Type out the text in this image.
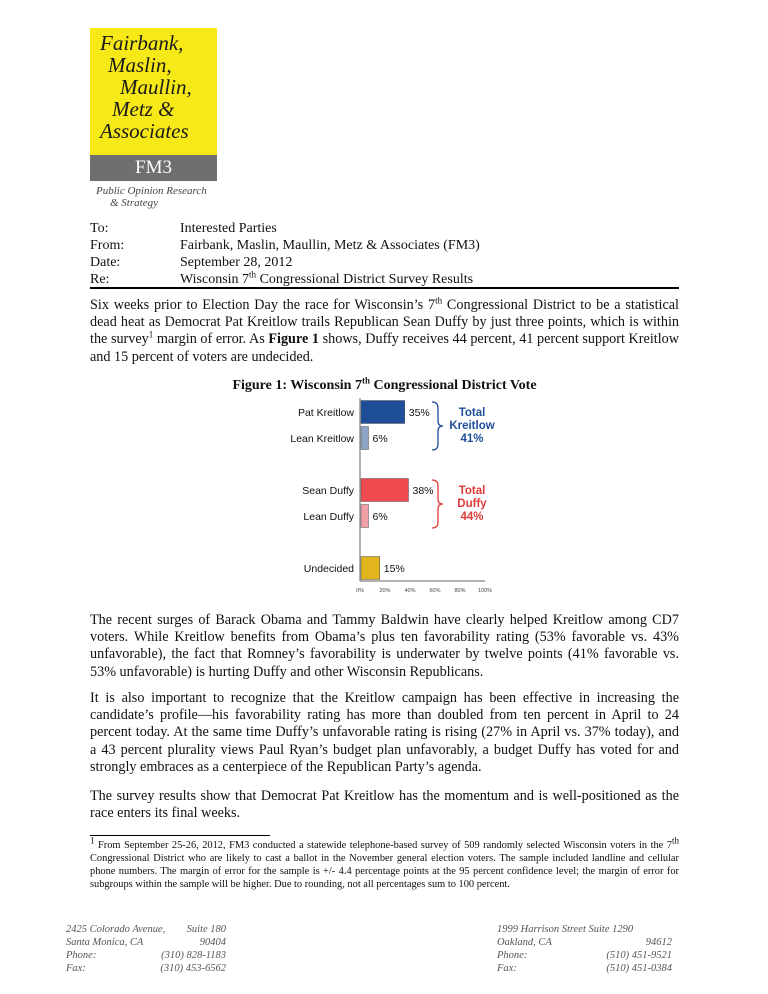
Fairbank,
Maslin,
Maullin,
Metz &
Associates
FM3
Public Opinion Research
& Strategy
To:	Interested Parties
From:	Fairbank, Maslin, Maullin, Metz & Associates (FM3)
Date:	September 28, 2012
Re:	Wisconsin 7th Congressional District Survey Results
Six weeks prior to Election Day the race for Wisconsin’s 7th Congressional District to be a statistical dead heat as Democrat Pat Kreitlow trails Republican Sean Duffy by just three points, which is within the survey$^1$ margin of error. As Figure 1 shows, Duffy receives 44 percent, 41 percent support Kreitlow and 15 percent of voters are undecided.
Figure 1: Wisconsin 7th Congressional District Vote
Pat Kreitlow	35%
Lean Kreitlow 6%
Sean Duffy	38%
Lean Duffy 6%
Undecided	15%
0%	20%	40%	60%	80% 100%
Total
Kreitlow
41%
Total
Duffy
44%
The recent surges of Barack Obama and Tammy Baldwin have clearly helped Kreitlow among CD7 voters. While Kreitlow benefits from Obama’s plus ten favorability rating (53% favorable vs. 43% unfavorable), the fact that Romney’s favorability is underwater by twelve points (41% favorable vs. 53% unfavorable) is hurting Duffy and other Wisconsin Republicans.
It is also important to recognize that the Kreitlow campaign has been effective in increasing the candidate’s profile—his favorability rating has more than doubled from ten percent in April to 24 percent today. At the same time Duffy’s unfavorable rating is rising (27% in April vs. 37% today), and a 43 percent plurality views Paul Ryan’s budget plan unfavorably, a budget Duffy has voted for and strongly embraces as a centerpiece of the Republican Party’s agenda.
The survey results show that Democrat Pat Kreitlow has the momentum and is well-positioned as the race enters its final weeks.
$^1$ From September 25-26, 2012, FM3 conducted a statewide telephone-based survey of 509 randomly selected Wisconsin voters in the 7th Congressional District who are likely to cast a ballot in the November general election voters. The sample included landline and cellular phone numbers. The margin of error for the sample is +/- 4.4 percentage points at the 95 percent confidence level; the margin of error for subgroups within the sample will be higher. Due to rounding, not all percentages sum to 100 percent.
2425 Colorado Avenue, Suite 180
Santa Monica, CA	90404
Phone:	(310) 828-1183
Fax:	(310) 453-6562
1999 Harrison Street Suite 1290
Oakland, CA	94612
Phone:	(510) 451-9521
Fax:	(510) 451-0384
